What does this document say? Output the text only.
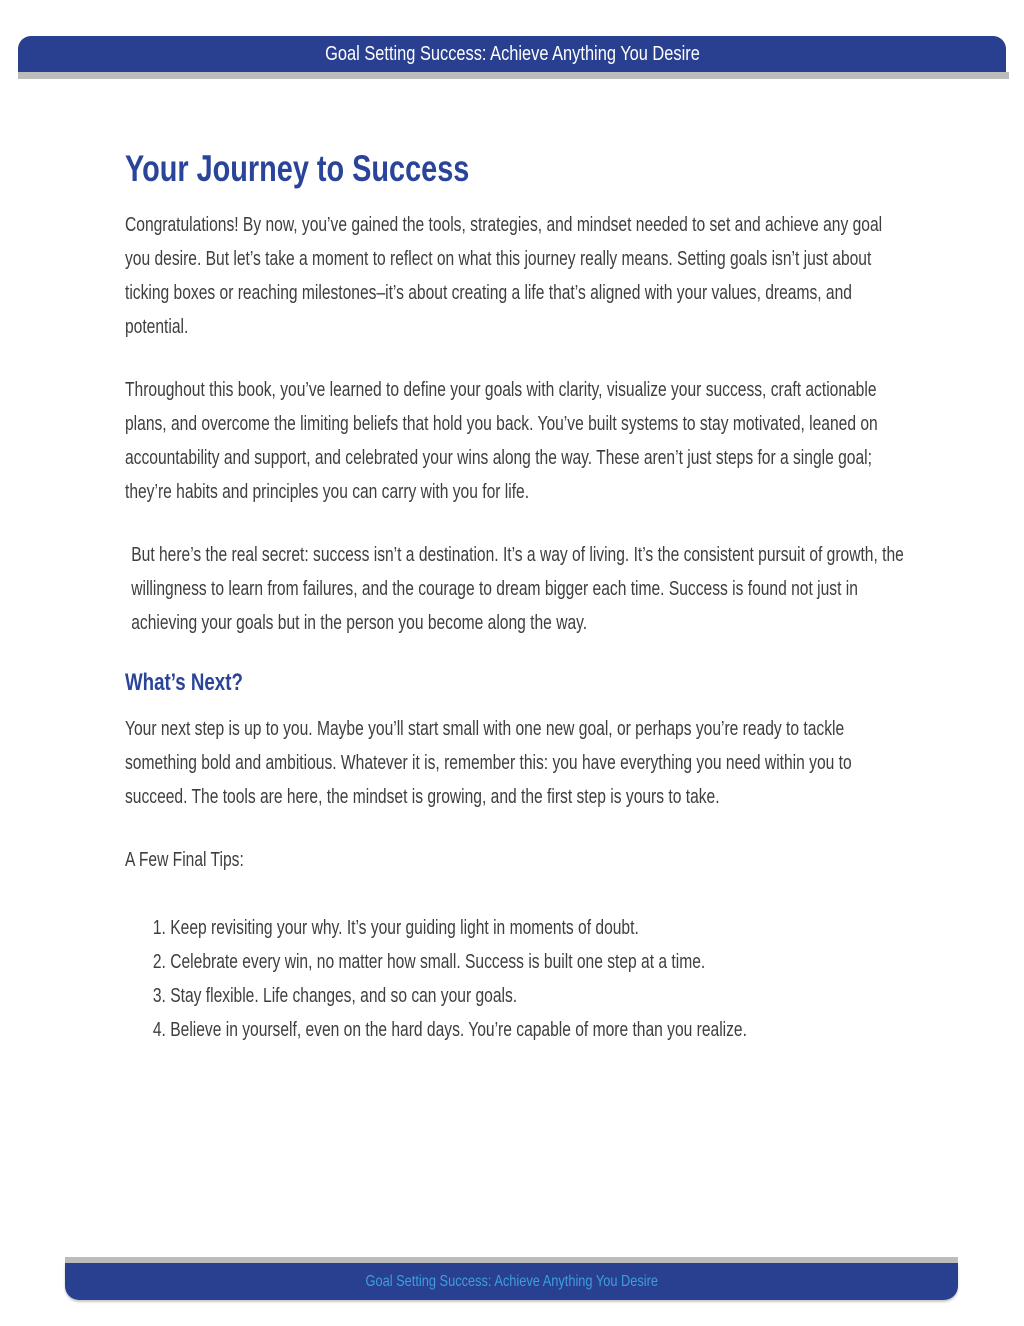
Goal Setting Success: Achieve Anything You Desire
Your Journey to Success

Congratulations! By now, you’ve gained the tools, strategies, and mindset needed to set and achieve any goal you desire. But let’s take a moment to reflect on what this journey really means. Setting goals isn’t just about ticking boxes or reaching milestones–it’s about creating a life that’s aligned with your values, dreams, and potential.

Throughout this book, you’ve learned to define your goals with clarity, visualize your success, craft actionable plans, and overcome the limiting beliefs that hold you back. You’ve built systems to stay motivated, leaned on accountability and support, and celebrated your wins along the way. These aren’t just steps for a single goal; they’re habits and principles you can carry with you for life.

But here’s the real secret: success isn’t a destination. It’s a way of living. It’s the consistent pursuit of growth, the willingness to learn from failures, and the courage to dream bigger each time. Success is found not just in achieving your goals but in the person you become along the way.

What’s Next?

Your next step is up to you. Maybe you’ll start small with one new goal, or perhaps you’re ready to tackle something bold and ambitious. Whatever it is, remember this: you have everything you need within you to succeed. The tools are here, the mindset is growing, and the first step is yours to take.

A Few Final Tips:

1. Keep revisiting your why. It’s your guiding light in moments of doubt.
2. Celebrate every win, no matter how small. Success is built one step at a time.
3. Stay flexible. Life changes, and so can your goals.
4. Believe in yourself, even on the hard days. You’re capable of more than you realize.
Goal Setting Success: Achieve Anything You Desire
